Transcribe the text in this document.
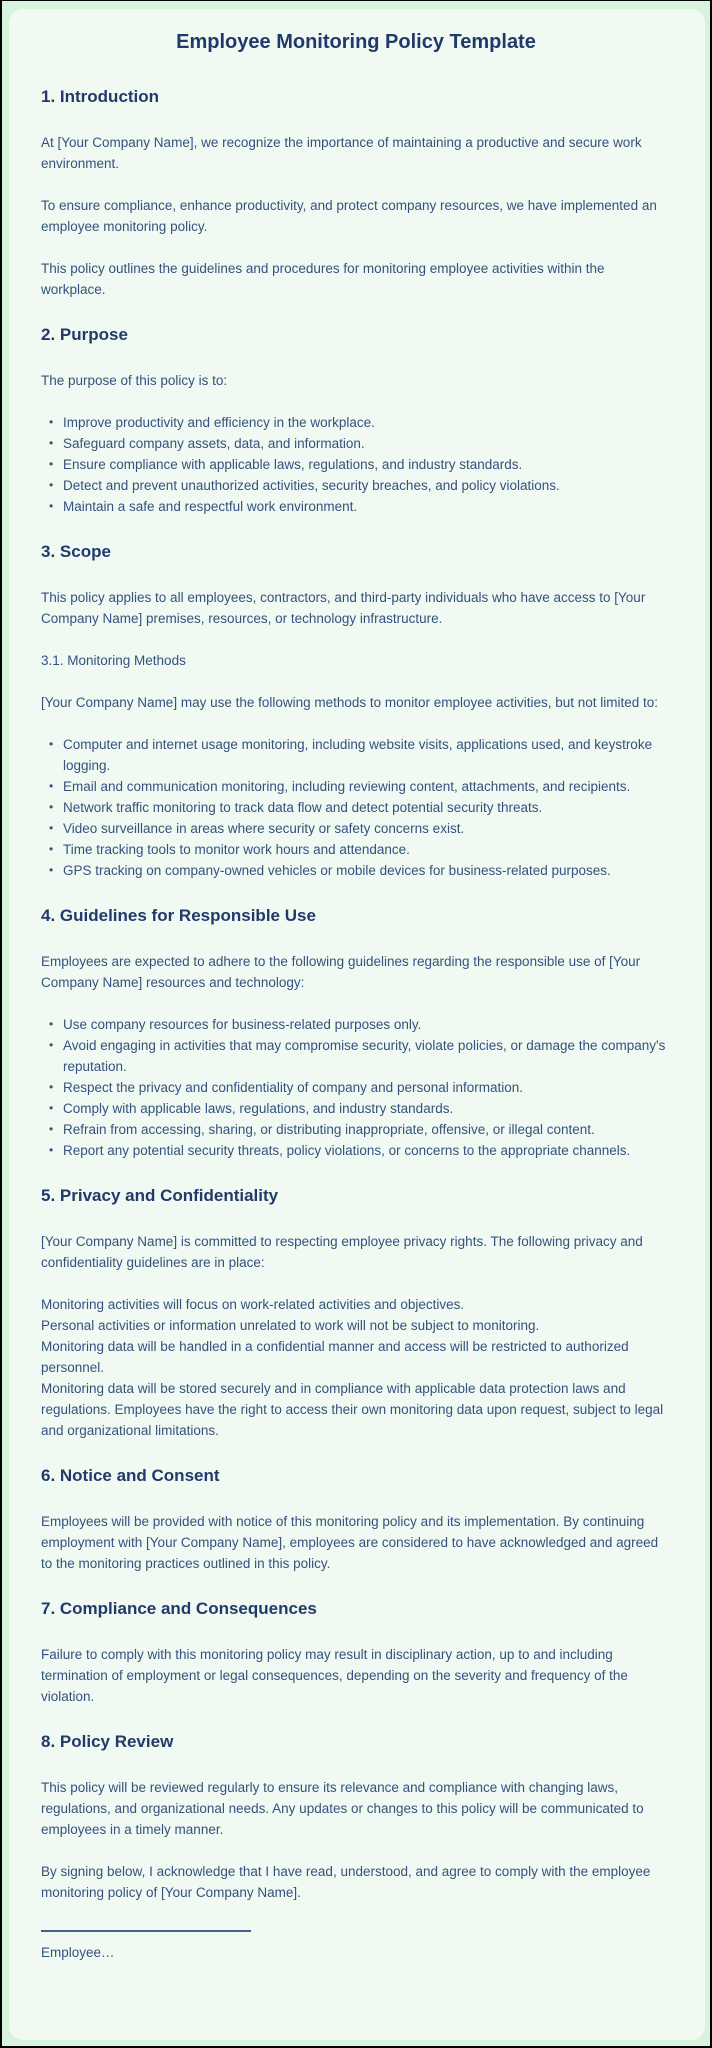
Employee Monitoring Policy Template
1. Introduction

At [Your Company Name], we recognize the importance of maintaining a productive and secure work environment.

To ensure compliance, enhance productivity, and protect company resources, we have implemented an employee monitoring policy.

This policy outlines the guidelines and procedures for monitoring employee activities within the workplace.

2. Purpose

The purpose of this policy is to:

• Improve productivity and efficiency in the workplace.
• Safeguard company assets, data, and information.
• Ensure compliance with applicable laws, regulations, and industry standards.
• Detect and prevent unauthorized activities, security breaches, and policy violations.
• Maintain a safe and respectful work environment.
3. Scope

This policy applies to all employees, contractors, and third-party individuals who have access to [Your Company Name] premises, resources, or technology infrastructure.

3.1. Monitoring Methods

[Your Company Name] may use the following methods to monitor employee activities, but not limited to:

• Computer and internet usage monitoring, including website visits, applications used, and keystroke logging.
• Email and communication monitoring, including reviewing content, attachments, and recipients.
• Network traffic monitoring to track data flow and detect potential security threats.
• Video surveillance in areas where security or safety concerns exist.
• Time tracking tools to monitor work hours and attendance.
• GPS tracking on company-owned vehicles or mobile devices for business-related purposes.
4. Guidelines for Responsible Use

Employees are expected to adhere to the following guidelines regarding the responsible use of [Your Company Name] resources and technology:

• Use company resources for business-related purposes only.
• Avoid engaging in activities that may compromise security, violate policies, or damage the company's reputation.
• Respect the privacy and confidentiality of company and personal information.
• Comply with applicable laws, regulations, and industry standards.
• Refrain from accessing, sharing, or distributing inappropriate, offensive, or illegal content.
• Report any potential security threats, policy violations, or concerns to the appropriate channels.
5. Privacy and Confidentiality

[Your Company Name] is committed to respecting employee privacy rights. The following privacy and confidentiality guidelines are in place:

Monitoring activities will focus on work-related activities and objectives.
Personal activities or information unrelated to work will not be subject to monitoring.
Monitoring data will be handled in a confidential manner and access will be restricted to authorized personnel.
Monitoring data will be stored securely and in compliance with applicable data protection laws and regulations. Employees have the right to access their own monitoring data upon request, subject to legal and organizational limitations.
6. Notice and Consent

Employees will be provided with notice of this monitoring policy and its implementation. By continuing employment with [Your Company Name], employees are considered to have acknowledged and agreed to the monitoring practices outlined in this policy.

7. Compliance and Consequences

Failure to comply with this monitoring policy may result in disciplinary action, up to and including termination of employment or legal consequences, depending on the severity and frequency of the violation.

8. Policy Review

This policy will be reviewed regularly to ensure its relevance and compliance with changing laws, regulations, and organizational needs. Any updates or changes to this policy will be communicated to employees in a timely manner.

By signing below, I acknowledge that I have read, understood, and agree to comply with the employee monitoring policy of [Your Company Name].

Employee…
